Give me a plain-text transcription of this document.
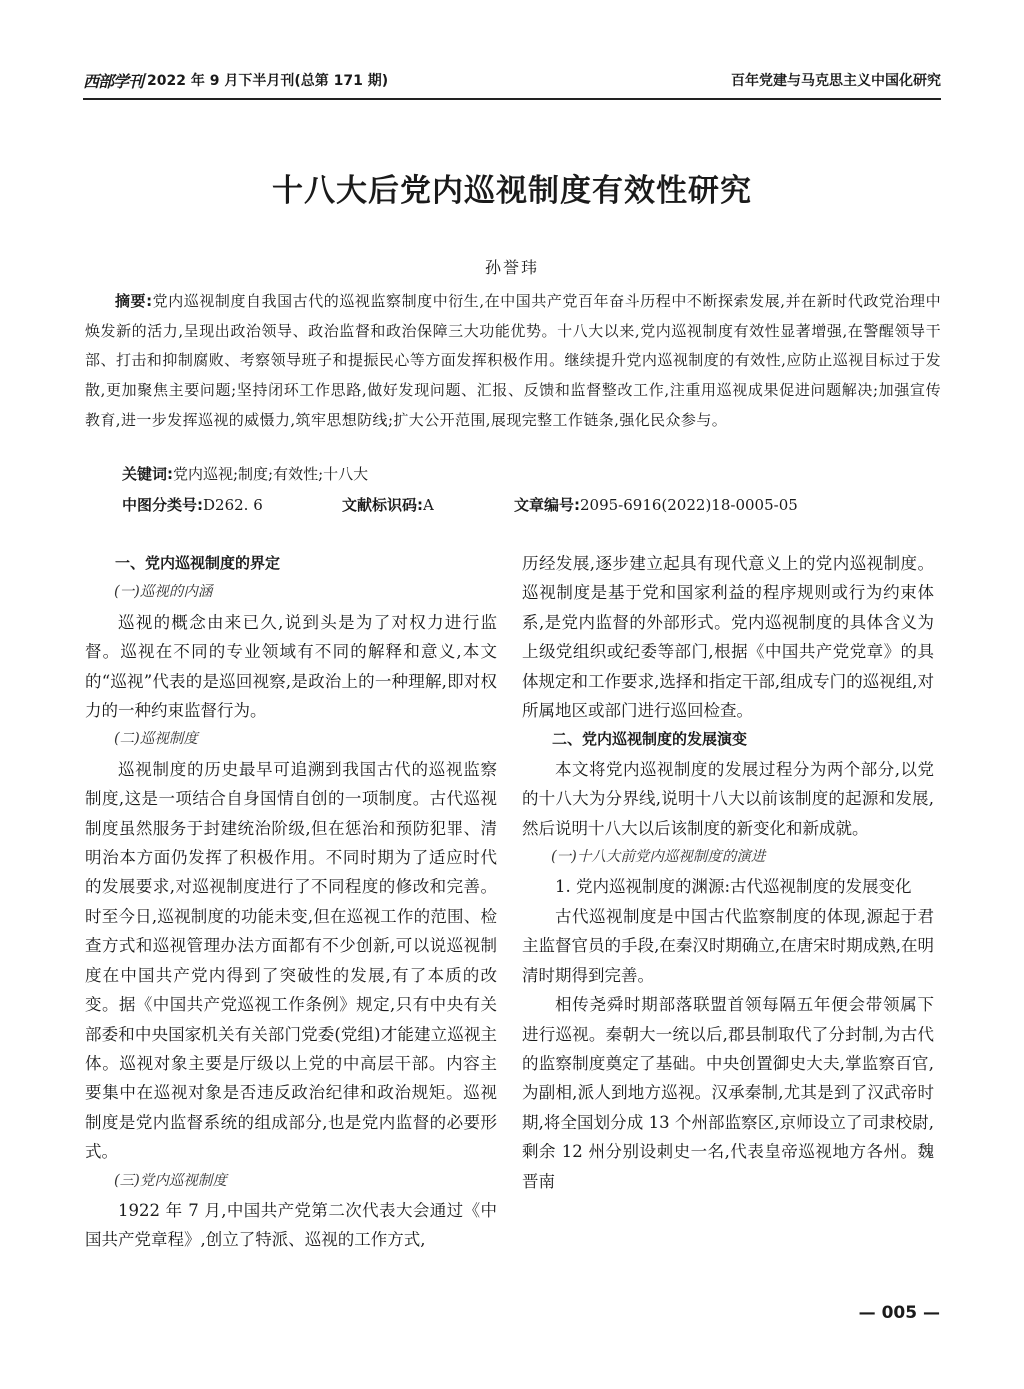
西部学刊 2022 年 9 月下半月刊(总第 171 期)	百年党建与马克思主义中国化研究
十八大后党内巡视制度有效性研究
孙誉玮

摘要:党内巡视制度自我国古代的巡视监察制度中衍生,在中国共产党百年奋斗历程中不断探索发展,并在新时代政党治理中焕发新的活力,呈现出政治领导、政治监督和政治保障三大功能优势。十八大以来,党内巡视制度有效性显著增强,在警醒领导干部、打击和抑制腐败、考察领导班子和提振民心等方面发挥积极作用。继续提升党内巡视制度的有效性,应防止巡视目标过于发散,更加聚焦主要问题;坚持闭环工作思路,做好发现问题、汇报、反馈和监督整改工作,注重用巡视成果促进问题解决;加强宣传教育,进一步发挥巡视的威慑力,筑牢思想防线;扩大公开范围,展现完整工作链条,强化民众参与。

关键词:党内巡视;制度;有效性;十八大
中图分类号:D262. 6	文献标识码:A	文章编号:2095-6916(2022)18-0005-05

一、党内巡视制度的界定

(一)巡视的内涵

巡视的概念由来已久,说到头是为了对权力进行监督。巡视在不同的专业领域有不同的解释和意义,本文的“巡视”代表的是巡回视察,是政治上的一种理解,即对权力的一种约束监督行为。

(二)巡视制度

巡视制度的历史最早可追溯到我国古代的巡视监察制度,这是一项结合自身国情自创的一项制度。古代巡视制度虽然服务于封建统治阶级,但在惩治和预防犯罪、清明治本方面仍发挥了积极作用。不同时期为了适应时代的发展要求,对巡视制度进行了不同程度的修改和完善。时至今日,巡视制度的功能未变,但在巡视工作的范围、检查方式和巡视管理办法方面都有不少创新,可以说巡视制度在中国共产党内得到了突破性的发展,有了本质的改变。据《中国共产党巡视工作条例》规定,只有中央有关部委和中央国家机关有关部门党委(党组)才能建立巡视主体。巡视对象主要是厅级以上党的中高层干部。内容主要集中在巡视对象是否违反政治纪律和政治规矩。巡视制度是党内监督系统的组成部分,也是党内监督的必要形式。

(三)党内巡视制度

1922 年 7 月,中国共产党第二次代表大会通过《中国共产党章程》,创立了特派、巡视的工作方式,

历经发展,逐步建立起具有现代意义上的党内巡视制度。巡视制度是基于党和国家利益的程序规则或行为约束体系,是党内监督的外部形式。党内巡视制度的具体含义为上级党组织或纪委等部门,根据《中国共产党党章》的具体规定和工作要求,选择和指定干部,组成专门的巡视组,对所属地区或部门进行巡回检查。

二、党内巡视制度的发展演变

本文将党内巡视制度的发展过程分为两个部分,以党的十八大为分界线,说明十八大以前该制度的起源和发展,然后说明十八大以后该制度的新变化和新成就。

(一)十八大前党内巡视制度的演进

1. 党内巡视制度的渊源:古代巡视制度的发展变化

古代巡视制度是中国古代监察制度的体现,源起于君主监督官员的手段,在秦汉时期确立,在唐宋时期成熟,在明清时期得到完善。

相传尧舜时期部落联盟首领每隔五年便会带领属下进行巡视。秦朝大一统以后,郡县制取代了分封制,为古代的监察制度奠定了基础。中央创置御史大夫,掌监察百官,为副相,派人到地方巡视。汉承秦制,尤其是到了汉武帝时期,将全国划分成 13 个州部监察区,京师设立了司隶校尉,剩余 12 州分别设刺史一名,代表皇帝巡视地方各州。魏晋南

— 005 —
